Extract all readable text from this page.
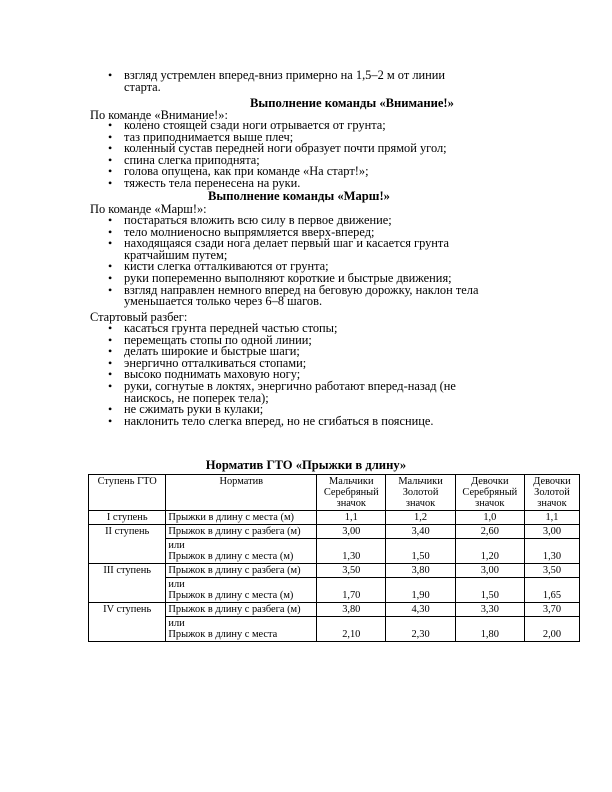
• взгляд устремлен вперед-вниз примерно на 1,5–2 м от линии старта.
Выполнение команды «Внимание!»
По команде «Внимание!»:
• колено стоящей сзади ноги отрывается от грунта;
• таз приподнимается выше плеч;
• коленный сустав передней ноги образует почти прямой угол;
• спина слегка приподнята;
• голова опущена, как при команде «На старт!»;
• тяжесть тела перенесена на руки.
Выполнение команды «Марш!»
По команде «Марш!»:
• постараться вложить всю силу в первое движение;
• тело молниеносно выпрямляется вверх-вперед;
• находящаяся сзади нога делает первый шаг и касается грунта кратчайшим путем;
• кисти слегка отталкиваются от грунта;
• руки попеременно выполняют короткие и быстрые движения;
• взгляд направлен немного вперед на беговую дорожку, наклон тела уменьшается только через 6–8 шагов.
Стартовый разбег:
• касаться грунта передней частью стопы;
• перемещать стопы по одной линии;
• делать широкие и быстрые шаги;
• энергично отталкиваться стопами;
• высоко поднимать маховую ногу;
• руки, согнутые в локтях, энергично работают вперед-назад (не наискось, не поперек тела);
• не сжимать руки в кулаки;
• наклонить тело слегка вперед, но не сгибаться в пояснице.
Норматив ГТО «Прыжки в длину»
Ступень ГТО	Норматив	Мальчики Серебряный значок	Мальчики Золотой значок	Девочки Серебряный значок	Девочки Золотой значок
I ступень	Прыжки в длину с места (м)	1,1	1,2	1,0	1,1
II ступень	Прыжок в длину с разбега (м)	3,00	3,40	2,60	3,00

	или
Прыжок в длину с места (м)	1,30	1,50	1,20	1,30
III ступень	Прыжок в длину с разбега (м)	3,50	3,80	3,00	3,50

	или
Прыжок в длину с места (м)	1,70	1,90	1,50	1,65
IV ступень	Прыжок в длину с разбега (м)	3,80	4,30	3,30	3,70

	или
Прыжок в длину с места	2,10	2,30	1,80	2,00
